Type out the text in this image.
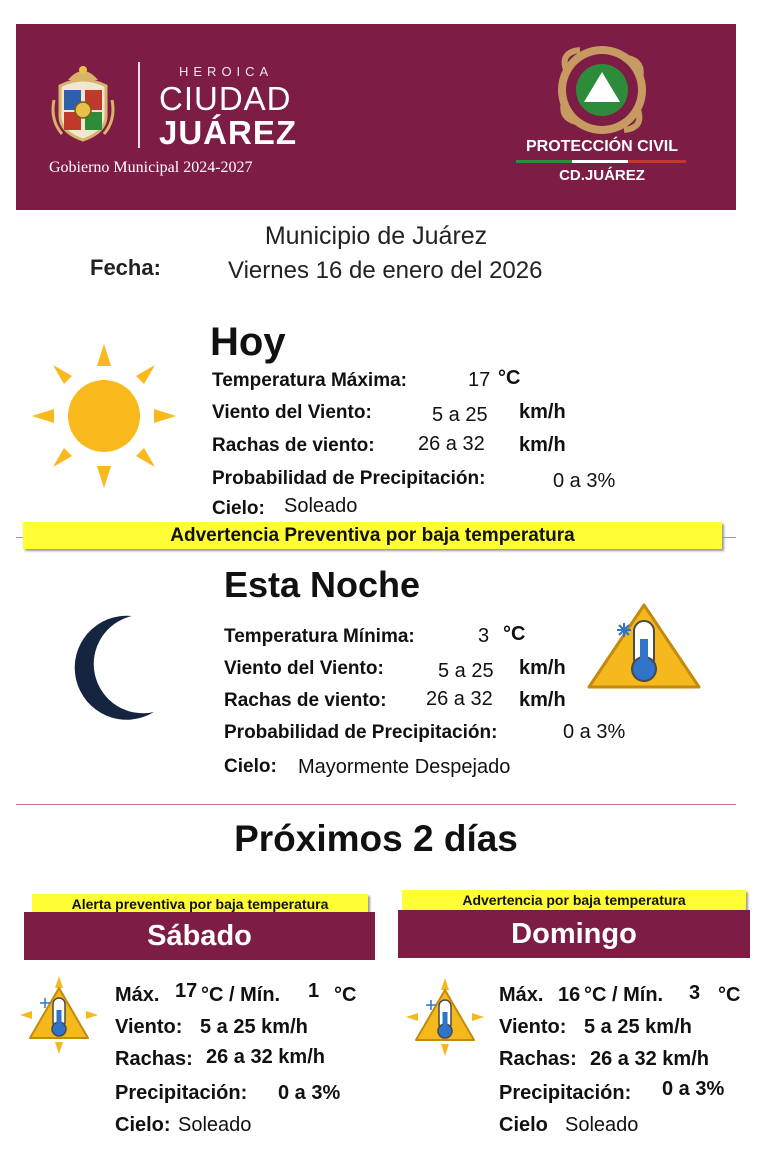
HEROICA
CIUDAD
JUÁREZ
Gobierno Municipal 2024-2027
PROTECCIÓN CIVIL
CD.JUÁREZ
Municipio de Juárez
Fecha:	Viernes 16 de enero del 2026
Hoy
Temperatura Máxima:	17 °C
Viento del Viento:	5 a 25 km/h
Rachas de viento: 26 a 32 km/h
Probabilidad de Precipitación:	0 a 3%
Cielo: Soleado
Advertencia Preventiva por baja temperatura
Esta Noche
Temperatura Mínima:	3 °C
Viento del Viento:	5 a 25 km/h
Rachas de viento: 26 a 32 km/h
Probabilidad de Precipitación:	0 a 3%
Cielo: Mayormente Despejado
Próximos 2 días
Alerta preventiva por baja temperatura
Sábado
Máx. 17 °C / Mín. 1 °C
Viento: 5 a 25 km/h
Rachas: 26 a 32 km/h
Precipitación: 0 a 3%
Cielo: Soleado
Advertencia por baja temperatura
Domingo
Máx. 16 °C / Mín. 3 °C
Viento: 5 a 25 km/h
Rachas: 26 a 32 km/h
Precipitación: 0 a 3%
Cielo Soleado
